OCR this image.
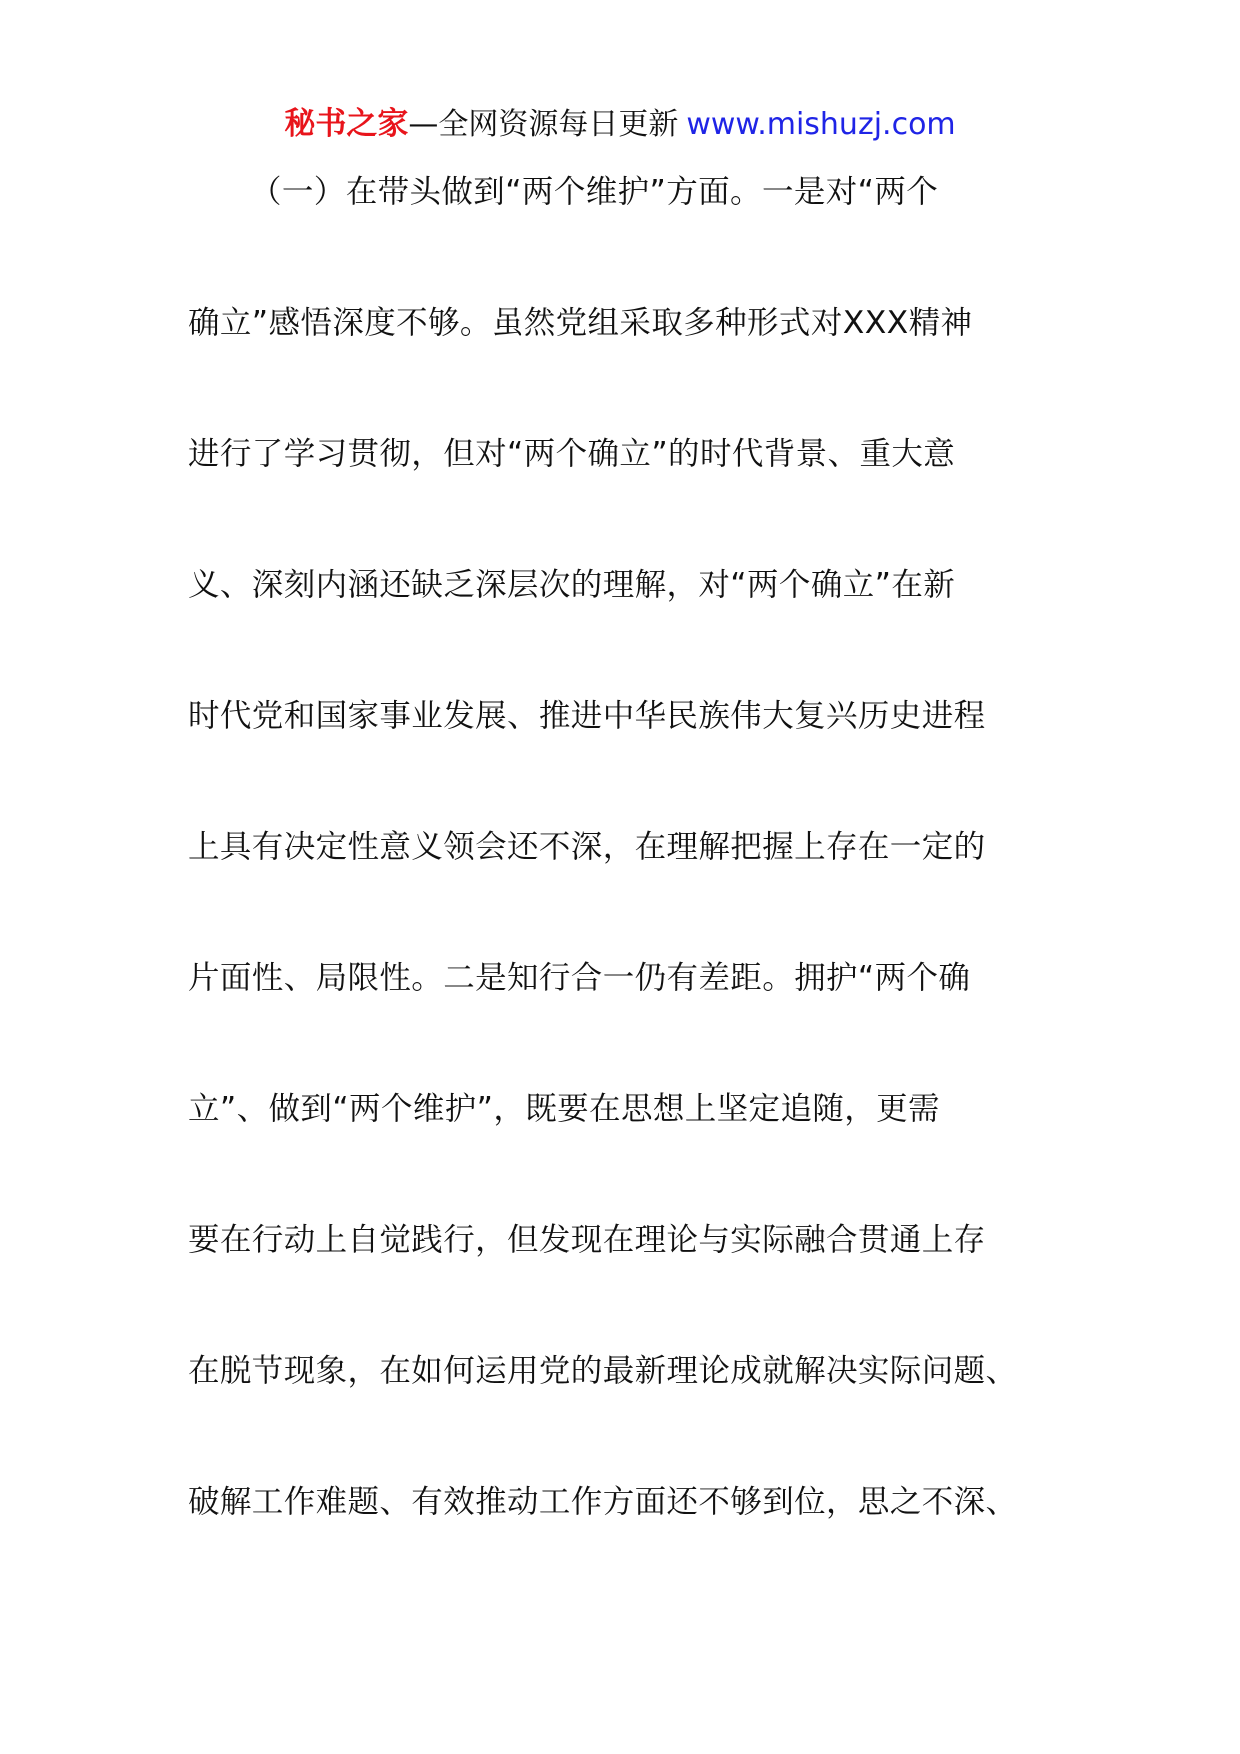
秘书之家—全网资源每日更新 www.mishuzj.com
（一）在带头做到“两个维护”方面。一是对“两个
确立”感悟深度不够。虽然党组采取多种形式对XXX精神
进行了学习贯彻，但对“两个确立”的时代背景、重大意
义、深刻内涵还缺乏深层次的理解，对“两个确立”在新
时代党和国家事业发展、推进中华民族伟大复兴历史进程
上具有决定性意义领会还不深，在理解把握上存在一定的
片面性、局限性。二是知行合一仍有差距。拥护“两个确
立”、做到“两个维护”，既要在思想上坚定追随，更需
要在行动上自觉践行，但发现在理论与实际融合贯通上存
在脱节现象，在如何运用党的最新理论成就解决实际问题、
破解工作难题、有效推动工作方面还不够到位，思之不深、
